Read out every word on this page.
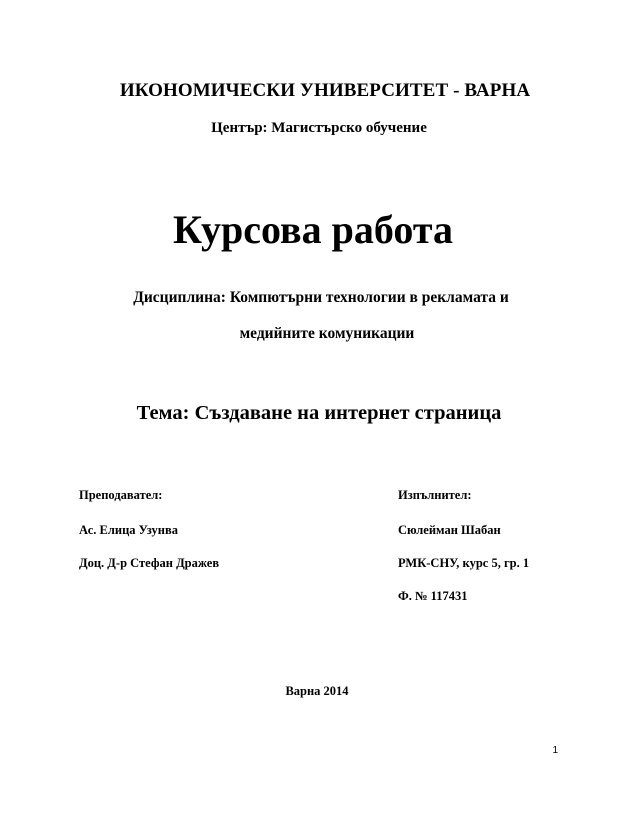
ИКОНОМИЧЕСКИ УНИВЕРСИТЕТ - ВАРНА
Център: Магистърско обучение
Курсова работа
Дисциплина: Компютърни технологии в рекламата и
медийните комуникации
Тема: Създаване на интернет страница
Преподавател:
Ас. Елица Узунва
Доц. Д-р Стефан Дражев
Изпълнител:
Сюлейман Шабан
РМК-СНУ, курс 5, гр. 1
Ф. № 117431
Варна 2014
1
